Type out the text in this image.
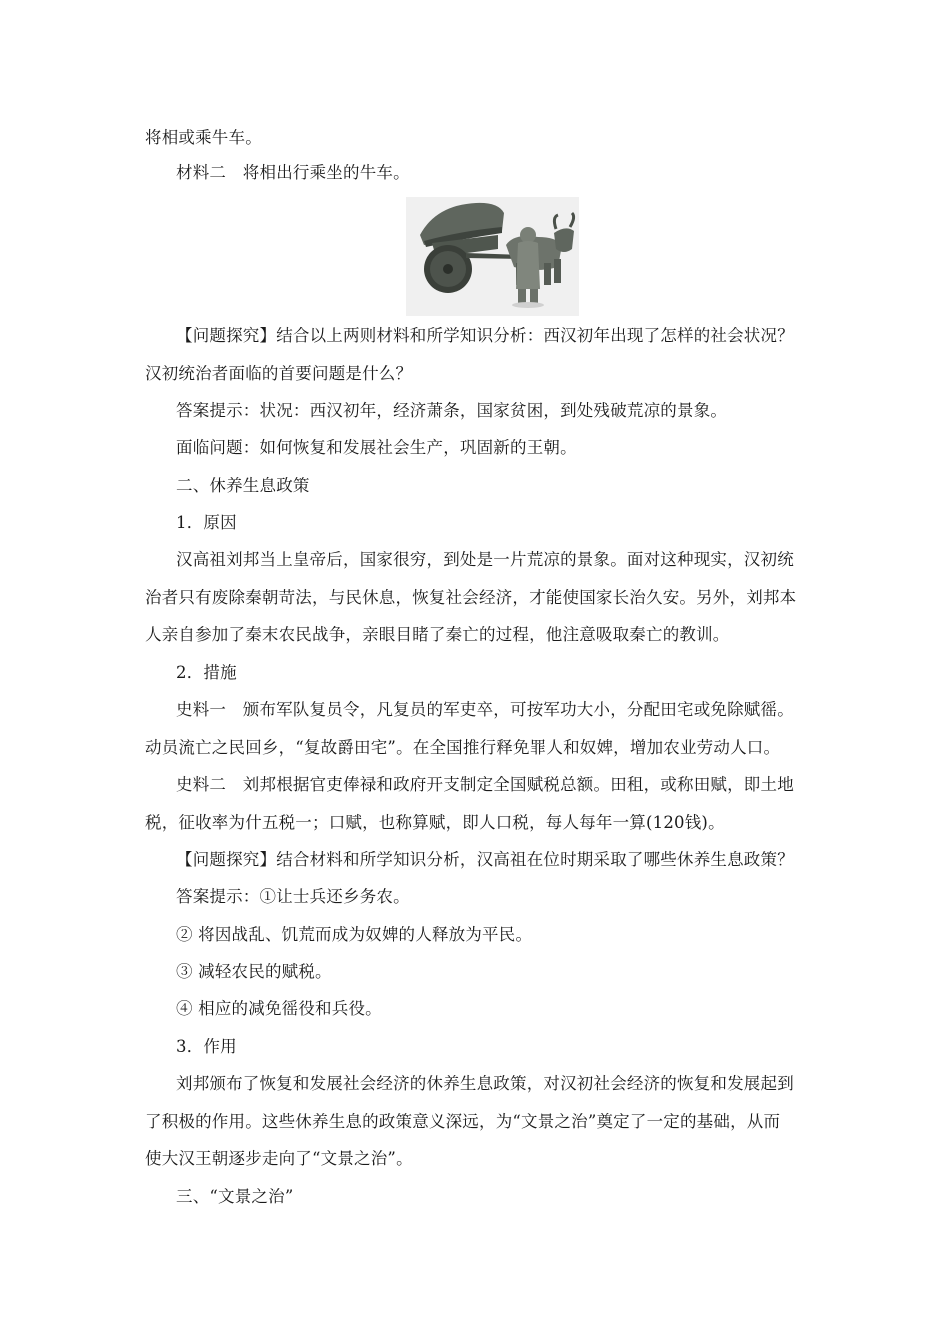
将相或乘牛车。
材料二　将相出行乘坐的牛车。
【问题探究】结合以上两则材料和所学知识分析：西汉初年出现了怎样的社会状况？
汉初统治者面临的首要问题是什么？
答案提示：状况：西汉初年，经济萧条，国家贫困，到处残破荒凉的景象。
面临问题：如何恢复和发展社会生产，巩固新的王朝。
二、休养生息政策
1．原因
汉高祖刘邦当上皇帝后，国家很穷，到处是一片荒凉的景象。面对这种现实，汉初统
治者只有废除秦朝苛法，与民休息，恢复社会经济，才能使国家长治久安。另外，刘邦本
人亲自参加了秦末农民战争，亲眼目睹了秦亡的过程，他注意吸取秦亡的教训。
2．措施
史料一　颁布军队复员令，凡复员的军吏卒，可按军功大小，分配田宅或免除赋徭。
动员流亡之民回乡，“复故爵田宅”。在全国推行释免罪人和奴婢，增加农业劳动人口。
史料二　刘邦根据官吏俸禄和政府开支制定全国赋税总额。田租，或称田赋，即土地
税，征收率为什五税一；口赋，也称算赋，即人口税，每人每年一算(120钱)。
【问题探究】结合材料和所学知识分析，汉高祖在位时期采取了哪些休养生息政策？
答案提示：①让士兵还乡务农。
② 将因战乱、饥荒而成为奴婢的人释放为平民。
③ 减轻农民的赋税。
④ 相应的减免徭役和兵役。
3．作用
刘邦颁布了恢复和发展社会经济的休养生息政策，对汉初社会经济的恢复和发展起到
了积极的作用。这些休养生息的政策意义深远，为“文景之治”奠定了一定的基础，从而
使大汉王朝逐步走向了“文景之治”。
三、“文景之治”
